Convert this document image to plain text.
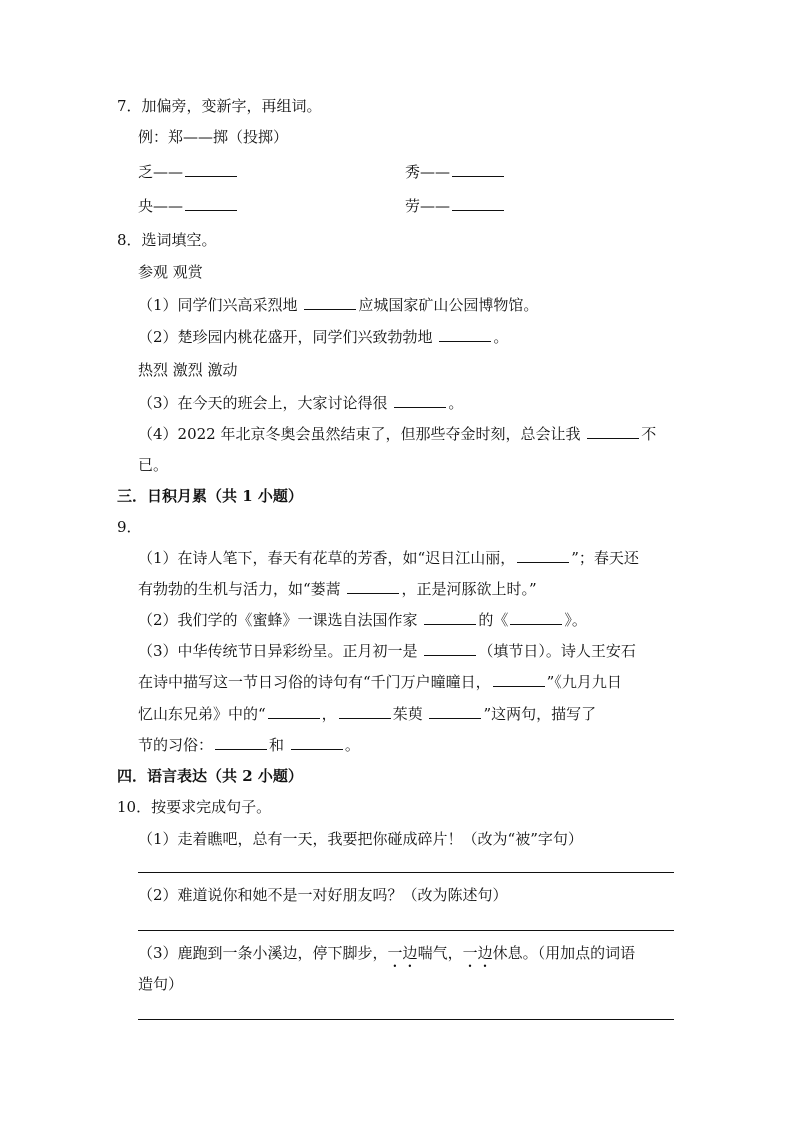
7．加偏旁，变新字，再组词。
例：郑——掷（投掷）
乏——	秀——
央——	劳——
8．选词填空。
参观 观赏
（1）同学们兴高采烈地	应城国家矿山公园博物馆。
（2）楚珍园内桃花盛开，同学们兴致勃勃地	。
热烈 激烈 激动
（3）在今天的班会上，大家讨论得很	。
（4）2022 年北京冬奥会虽然结束了，但那些夺金时刻，总会让我	不
已。
三．日积月累（共 1 小题）
9．
（1）在诗人笔下，春天有花草的芳香，如“迟日江山丽，	”；春天还
有勃勃的生机与活力，如“蒌蒿	，正是河豚欲上时。”
（2）我们学的《蜜蜂》一课选自法国作家	的《	》。
（3）中华传统节日异彩纷呈。正月初一是	（填节日）。诗人王安石
在诗中描写这一节日习俗的诗句有“千门万户曈曈日，	”《九月九日
忆山东兄弟》中的“	，	茱萸	”这两句，描写了
节的习俗：	和	。
四．语言表达（共 2 小题）
10．按要求完成句子。
（1）走着瞧吧，总有一天，我要把你碰成碎片！（改为“被”字句）
（2）难道说你和她不是一对好朋友吗？（改为陈述句）
（3）鹿跑到一条小溪边，停下脚步，一边喘气，一边休息。（用加点的词语
造句）
